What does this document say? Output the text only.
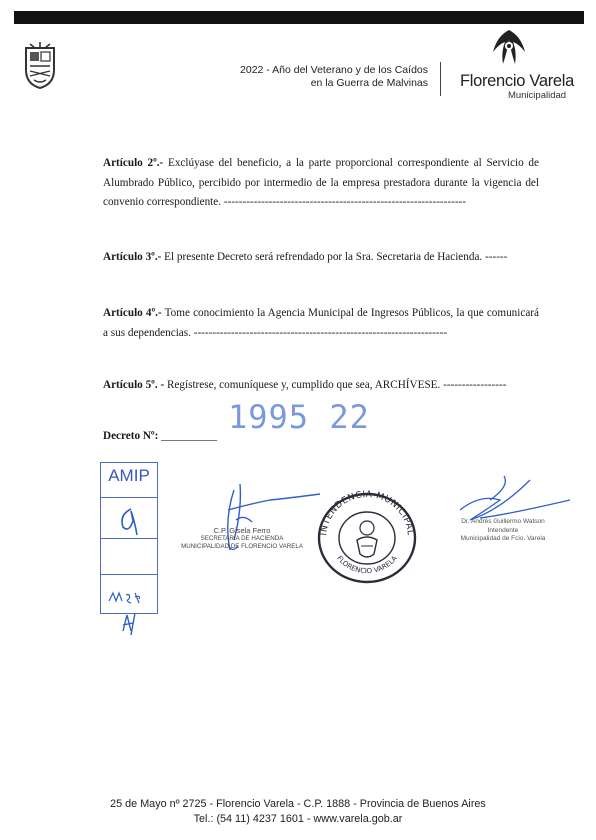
2022 - Año del Veterano y de los Caídos
en la Guerra de Malvinas	Florencio Varela
Municipalidad
Artículo 2º.- Exclúyase del beneficio, a la parte proporcional correspondiente al Servicio de Alumbrado Público, percibido por intermedio de la empresa prestadora durante la vigencia del convenio correspondiente. -----------------------------------------------------------------
Artículo 3º.- El presente Decreto será refrendado por la Sra. Secretaria de Hacienda. ------
Artículo 4º.- Tome conocimiento la Agencia Municipal de Ingresos Públicos, la que comunicará a sus dependencias. --------------------------------------------------------------------
Artículo 5º. - Regístrese, comuníquese y, cumplido que sea, ARCHÍVESE. -----------------
1995 22
Decreto Nº: __________
AMIP
C.P. Gisela Ferro
SECRETARIA DE HACIENDA
MUNICIPALIDAD DE FLORENCIO VARELA
INTENDENCIA MUNICIPAL
FLORENCIO VARELA
Dr. Andrés Guillermo Watson
Intendente
Municipalidad de Fcio. Varela
25 de Mayo nº 2725 - Florencio Varela - C.P. 1888 - Provincia de Buenos Aires
Tel.: (54 11) 4237 1601 - www.varela.gob.ar
